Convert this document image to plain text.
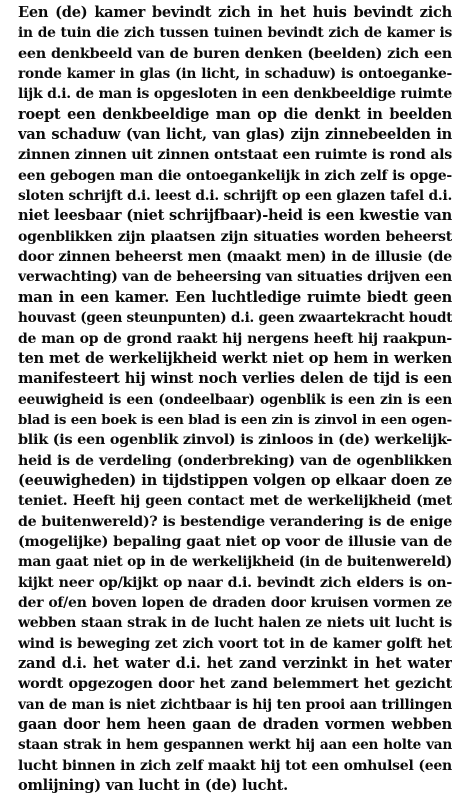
Een (de) kamer bevindt zich in het huis bevindt zich
in de tuin die zich tussen tuinen bevindt zich de kamer is
een denkbeeld van de buren denken (beelden) zich een
ronde kamer in glas (in licht, in schaduw) is ontoeganke-
lijk d.i. de man is opgesloten in een denkbeeldige ruimte
roept een denkbeeldige man op die denkt in beelden
van schaduw (van licht, van glas) zijn zinnebeelden in
zinnen zinnen uit zinnen ontstaat een ruimte is rond als
een gebogen man die ontoegankelijk in zich zelf is opge-
sloten schrijft d.i. leest d.i. schrijft op een glazen tafel d.i.
niet leesbaar (niet schrijfbaar)-heid is een kwestie van
ogenblikken zijn plaatsen zijn situaties worden beheerst
door zinnen beheerst men (maakt men) in de illusie (de
verwachting) van de beheersing van situaties drijven een
man in een kamer. Een luchtledige ruimte biedt geen
houvast (geen steunpunten) d.i. geen zwaartekracht houdt
de man op de grond raakt hij nergens heeft hij raakpun-
ten met de werkelijkheid werkt niet op hem in werken
manifesteert hij winst noch verlies delen de tijd is een
eeuwigheid is een (ondeelbaar) ogenblik is een zin is een
blad is een boek is een blad is een zin is zinvol in een ogen-
blik (is een ogenblik zinvol) is zinloos in (de) werkelijk-
heid is de verdeling (onderbreking) van de ogenblikken
(eeuwigheden) in tijdstippen volgen op elkaar doen ze
teniet. Heeft hij geen contact met de werkelijkheid (met
de buitenwereld)? is bestendige verandering is de enige
(mogelijke) bepaling gaat niet op voor de illusie van de
man gaat niet op in de werkelijkheid (in de buitenwereld)
kijkt neer op/kijkt op naar d.i. bevindt zich elders is on-
der of/en boven lopen de draden door kruisen vormen ze
webben staan strak in de lucht halen ze niets uit lucht is
wind is beweging zet zich voort tot in de kamer golft het
zand d.i. het water d.i. het zand verzinkt in het water
wordt opgezogen door het zand belemmert het gezicht
van de man is niet zichtbaar is hij ten prooi aan trillingen
gaan door hem heen gaan de draden vormen webben
staan strak in hem gespannen werkt hij aan een holte van
lucht binnen in zich zelf maakt hij tot een omhulsel (een
omlijning) van lucht in (de) lucht.
